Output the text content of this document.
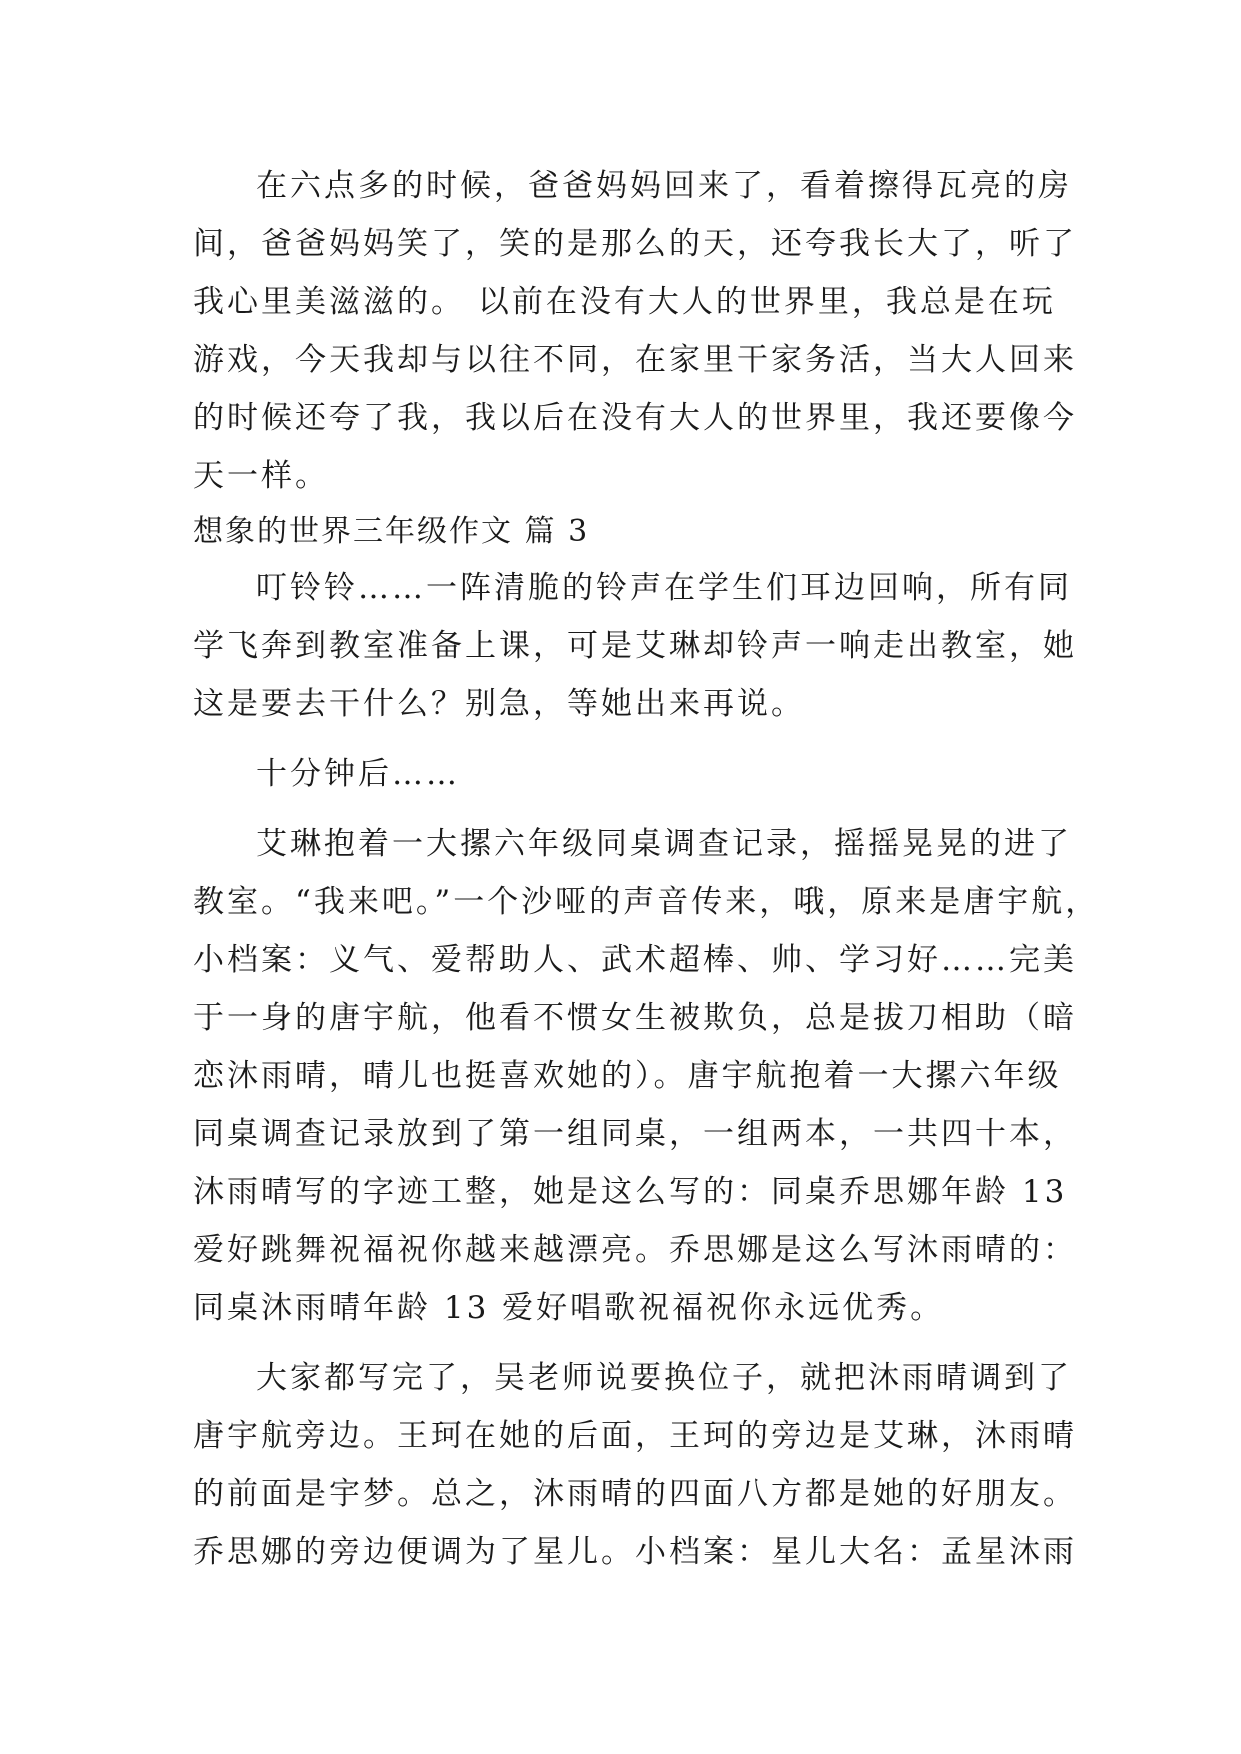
在六点多的时候，爸爸妈妈回来了，看着擦得瓦亮的房
间，爸爸妈妈笑了，笑的是那么的天，还夸我长大了，听了
我心里美滋滋的。 以前在没有大人的世界里，我总是在玩
游戏，今天我却与以往不同，在家里干家务活，当大人回来
的时候还夸了我，我以后在没有大人的世界里，我还要像今
天一样。
想象的世界三年级作文 篇 3
叮铃铃……一阵清脆的铃声在学生们耳边回响，所有同
学飞奔到教室准备上课，可是艾琳却铃声一响走出教室，她
这是要去干什么？别急，等她出来再说。
十分钟后……
艾琳抱着一大摞六年级同桌调查记录，摇摇晃晃的进了
教室。“我来吧。”一个沙哑的声音传来，哦，原来是唐宇航，
小档案：义气、爱帮助人、武术超棒、帅、学习好……完美
于一身的唐宇航，他看不惯女生被欺负，总是拔刀相助（暗
恋沐雨晴，晴儿也挺喜欢她的）。唐宇航抱着一大摞六年级
同桌调查记录放到了第一组同桌，一组两本，一共四十本，
沐雨晴写的字迹工整，她是这么写的：同桌乔思娜年龄 13
爱好跳舞祝福祝你越来越漂亮。乔思娜是这么写沐雨晴的：
同桌沐雨晴年龄 13 爱好唱歌祝福祝你永远优秀。
大家都写完了，吴老师说要换位子，就把沐雨晴调到了
唐宇航旁边。王珂在她的后面，王珂的旁边是艾琳，沐雨晴
的前面是宇梦。总之，沐雨晴的四面八方都是她的好朋友。
乔思娜的旁边便调为了星儿。小档案：星儿大名：孟星沐雨
